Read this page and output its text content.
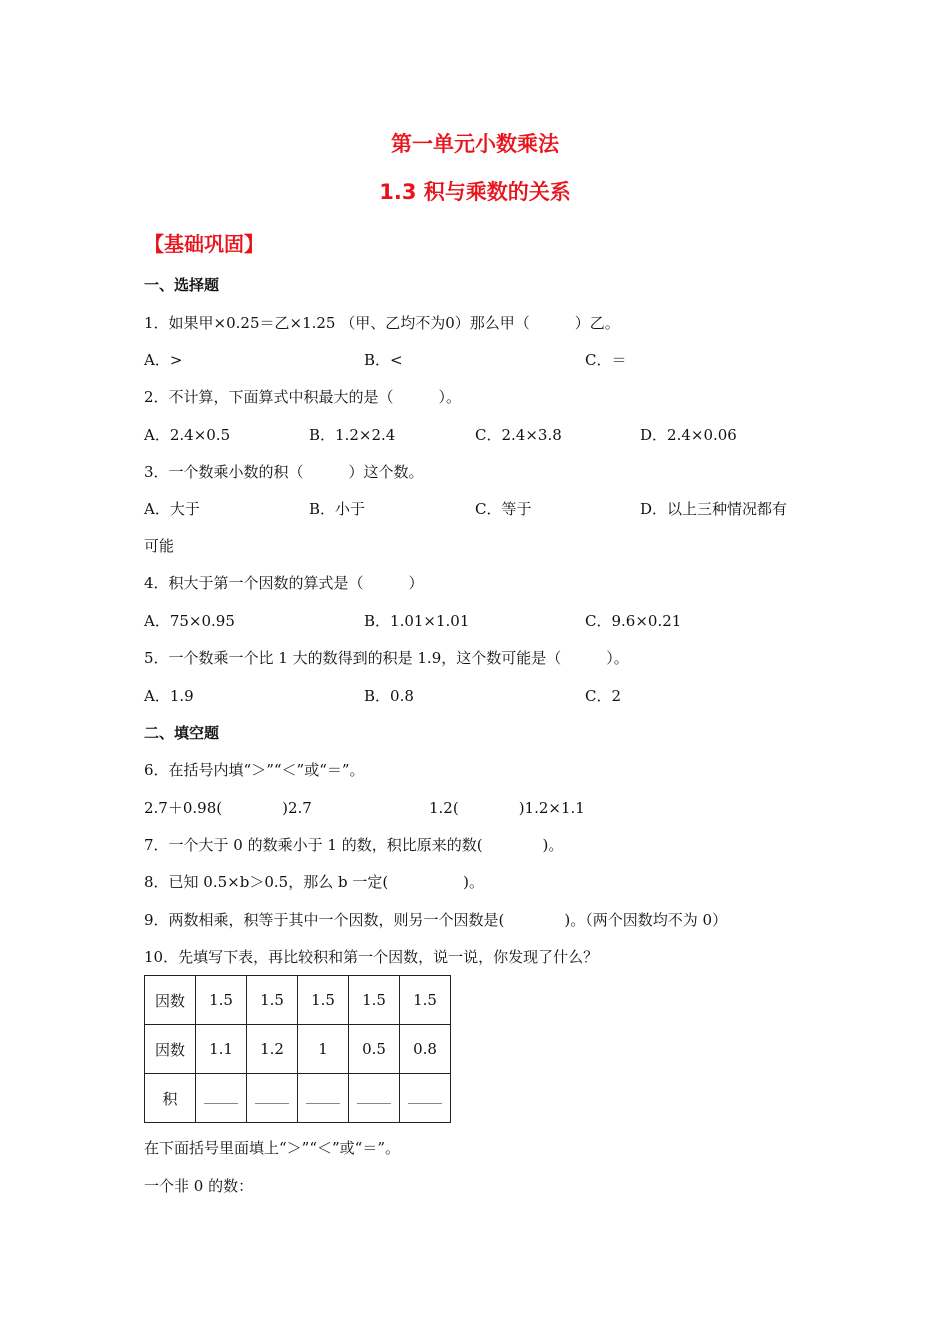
第一单元小数乘法
1.3 积与乘数的关系
【基础巩固】
一、选择题
1．如果甲×0.25＝乙×1.25 （甲、乙均不为0）那么甲（　　　）乙。
A．>	B．<	C．＝
2．不计算，下面算式中积最大的是（　　　）。
A．2.4×0.5	B．1.2×2.4	C．2.4×3.8	D．2.4×0.06
3．一个数乘小数的积（　　　）这个数。
A．大于	B．小于	C．等于	D．以上三种情况都有
可能
4．积大于第一个因数的算式是（　　　）
A．75×0.95	B．1.01×1.01	C．9.6×0.21
5．一个数乘一个比 1 大的数得到的积是 1.9，这个数可能是（　　　）。
A．1.9	B．0.8	C．2
二、填空题
6．在括号内填“＞”“＜”或“＝”。
2.7＋0.98(　　　　)2.7	1.2(　　　　)1.2×1.1
7．一个大于 0 的数乘小于 1 的数，积比原来的数(　　　　)。
8．已知 0.5×b＞0.5，那么 b 一定(　　　　　)。
9．两数相乘，积等于其中一个因数，则另一个因数是(　　　　)。（两个因数均不为 0）
10．先填写下表，再比较积和第一个因数，说一说，你发现了什么？
因数	1.5	1.5	1.5	1.5	1.5
因数	1.1	1.2	1	0.5	0.8
积					
在下面括号里面填上“＞”“＜”或“＝”。
一个非 0 的数：
